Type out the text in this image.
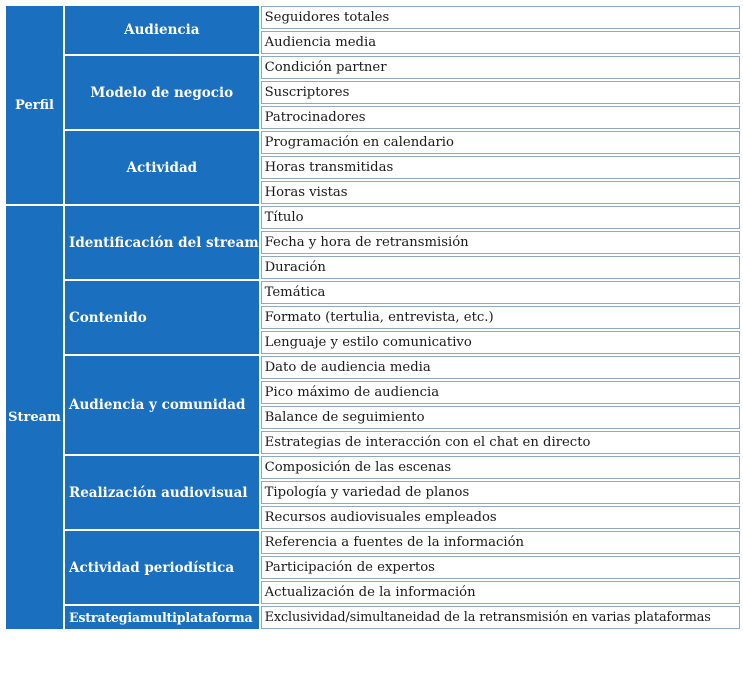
Perfil	Audiencia	Seguidores totales
		Audiencia media
	Modelo de negocio	Condición partner
		Suscriptores
		Patrocinadores
	Actividad	Programación en calendario
		Horas transmitidas
		Horas vistas
Stream	Identificación del stream	Título
		Fecha y hora de retransmisión
		Duración
	Contenido	Temática
		Formato (tertulia, entrevista, etc.)
		Lenguaje y estilo comunicativo
	Audiencia y comunidad	Dato de audiencia media
		Pico máximo de audiencia
		Balance de seguimiento
		Estrategias de interacción con el chat en directo
	Realización audiovisual	Composición de las escenas
		Tipología y variedad de planos
		Recursos audiovisuales empleados
	Actividad periodística	Referencia a fuentes de la información
		Participación de expertos
		Actualización de la información
	Estrategiamultiplataforma	Exclusividad/simultaneidad de la retransmisión en varias plataformas
